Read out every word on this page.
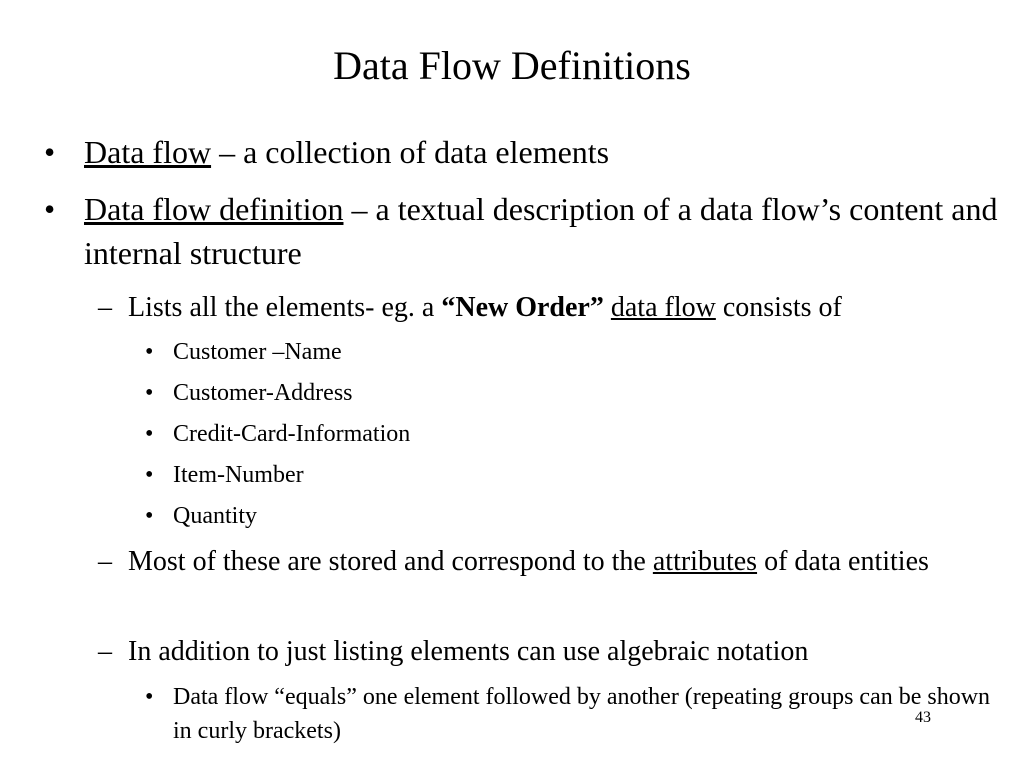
Data Flow Definitions
• Data flow – a collection of data elements
• Data flow definition – a textual description of a data flow’s content and internal structure
– Lists all the elements- eg. a “New Order” data flow consists of
• Customer –Name
• Customer-Address
• Credit-Card-Information
• Item-Number
• Quantity
– Most of these are stored and correspond to the attributes of data entities
– In addition to just listing elements can use algebraic notation
• Data flow “equals” one element followed by another (repeating groups can be shown in curly brackets)
43
